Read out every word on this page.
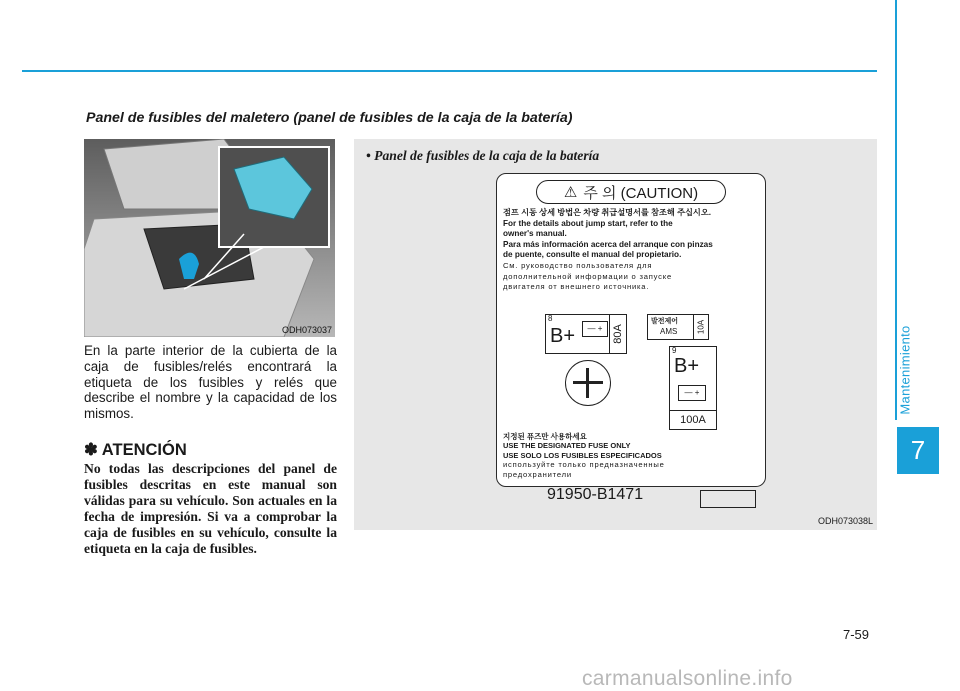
Mantenimiento
7
Panel de fusibles del maletero (panel de fusibles de la caja de la batería)
ODH073037

En la parte interior de la cubierta de la caja de fusibles/relés encontrará la etiqueta de los fusibles y relés que describe el nombre y la capacidad de los mismos.

✽ ATENCIÓN

No todas las descripciones del panel de fusibles descritas en este manual son válidas para su vehículo. Son actuales en la fecha de impresión. Si va a comprobar la caja de fusibles en su vehículo, consulte la etiqueta en la caja de fusibles.

• Panel de fusibles de la caja de la batería
⚠ 주 의 (CAUTION)
점프 시동 상세 방법은 차량 취급설명서를 참조해 주십시오.
For the details about jump start, refer to the
owner's manual.
Para más información acerca del arranque con pinzas
de puente, consulte el manual del propietario.
См. руководство пользователя для
дополнительной информации о запуске
двигателя от внешнего источника.
8
B+	— + 80A
발전제어
AMS 10A
9
B+
— +
100A
지정된 퓨즈만 사용하세요
USE THE DESIGNATED FUSE ONLY
USE SOLO LOS FUSIBLES ESPECIFICADOS
используйте только предназначенные
предохранители
91950-B1471
ODH073038L
7-59
carmanualsonline.info
